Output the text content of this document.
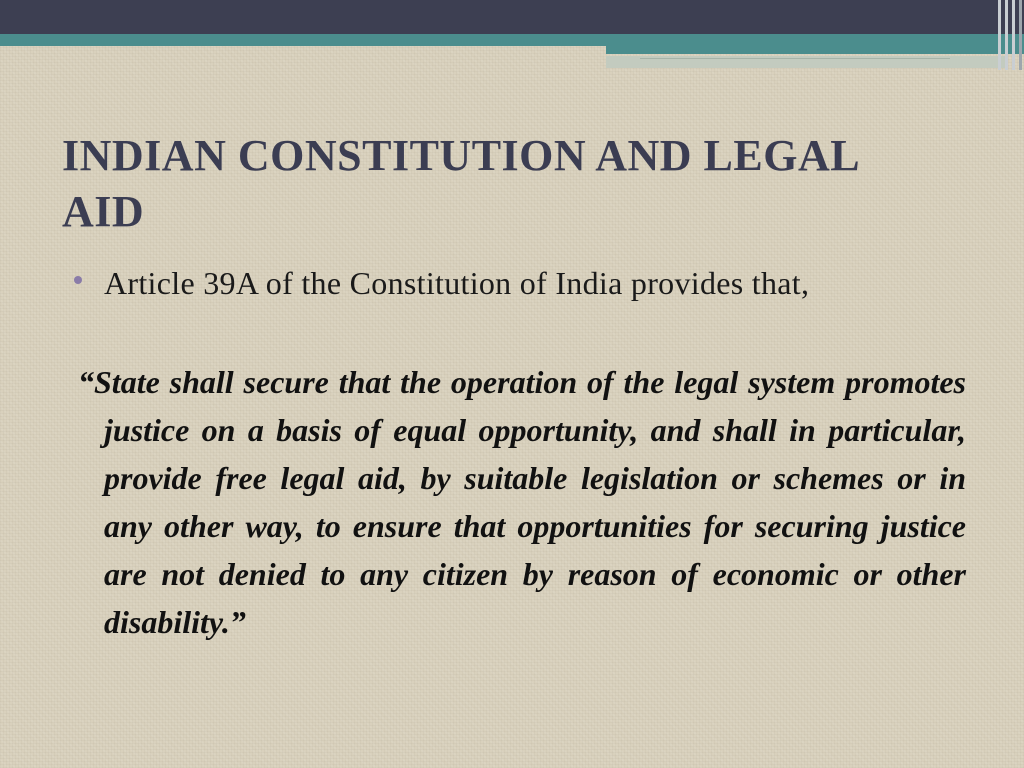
INDIAN CONSTITUTION AND LEGAL AID

Article 39A of the Constitution of India provides that,

“State shall secure that the operation of the legal system promotes justice on a basis of equal opportunity, and shall in particular, provide free legal aid, by suitable legislation or schemes or in any other way, to ensure that opportunities for securing justice are not denied to any citizen by reason of economic or other disability.”
